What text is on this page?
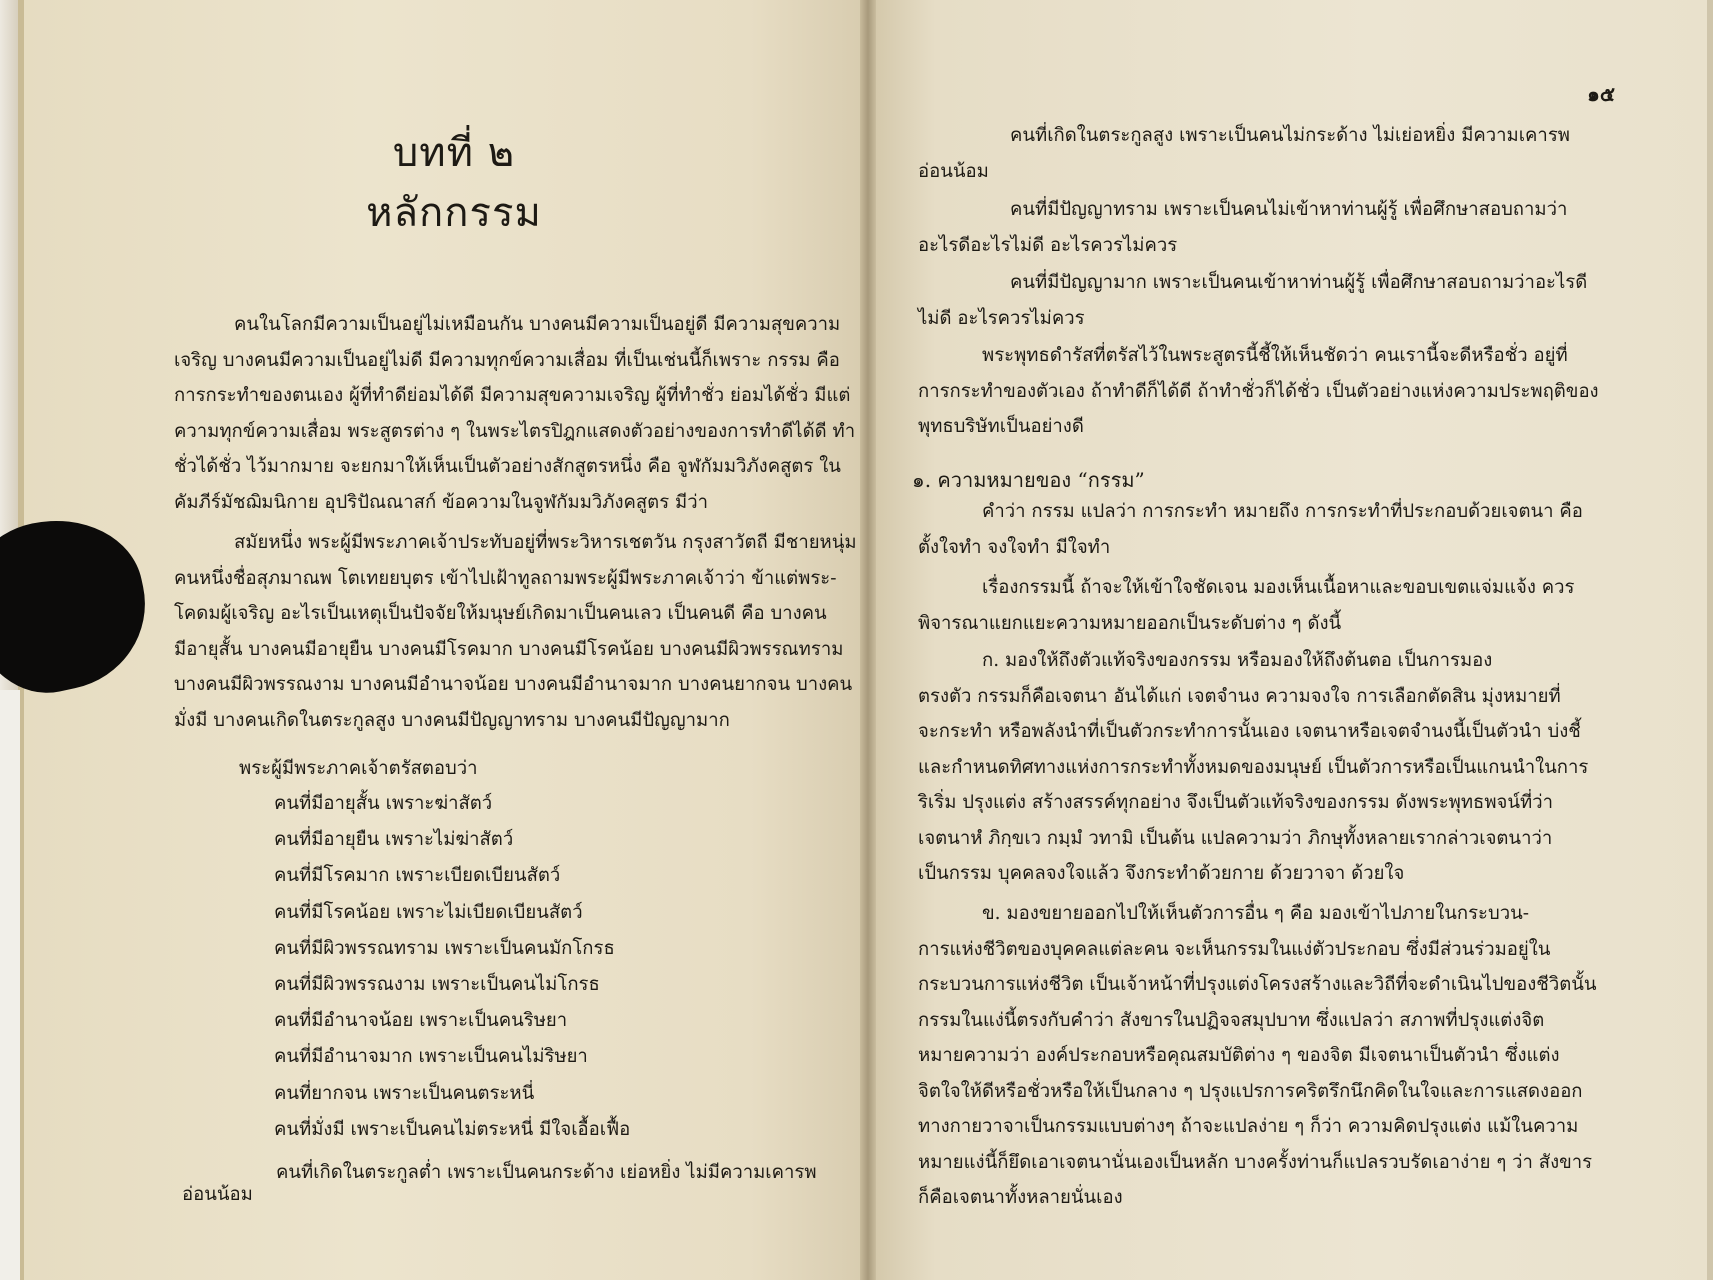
บทที่ ๒
หลักกรรม
คนในโลกมีความเป็นอยู่ไม่เหมือนกัน บางคนมีความเป็นอยู่ดี มีความสุขความ
เจริญ บางคนมีความเป็นอยู่ไม่ดี มีความทุกข์ความเสื่อม ที่เป็นเช่นนี้ก็เพราะ กรรม คือ
การกระทำของตนเอง ผู้ที่ทำดีย่อมได้ดี มีความสุขความเจริญ ผู้ที่ทำชั่ว ย่อมได้ชั่ว มีแต่
ความทุกข์ความเสื่อม พระสูตรต่าง ๆ ในพระไตรปิฎกแสดงตัวอย่างของการทำดีได้ดี ทำ
ชั่วได้ชั่ว ไว้มากมาย จะยกมาให้เห็นเป็นตัวอย่างสักสูตรหนึ่ง คือ จูฬกัมมวิภังคสูตร ใน
คัมภีร์มัชฌิมนิกาย อุปริปัณณาสก์ ข้อความในจูฬกัมมวิภังคสูตร มีว่า
สมัยหนึ่ง พระผู้มีพระภาคเจ้าประทับอยู่ที่พระวิหารเชตวัน กรุงสาวัตถี มีชายหนุ่ม
คนหนึ่งชื่อสุภมาณพ โตเทยยบุตร เข้าไปเฝ้าทูลถามพระผู้มีพระภาคเจ้าว่า ข้าแต่พระ-
โคดมผู้เจริญ อะไรเป็นเหตุเป็นปัจจัยให้มนุษย์เกิดมาเป็นคนเลว เป็นคนดี คือ บางคน
มีอายุสั้น บางคนมีอายุยืน บางคนมีโรคมาก บางคนมีโรคน้อย บางคนมีผิวพรรณทราม
บางคนมีผิวพรรณงาม บางคนมีอำนาจน้อย บางคนมีอำนาจมาก บางคนยากจน บางคน
มั่งมี บางคนเกิดในตระกูลสูง บางคนมีปัญญาทราม บางคนมีปัญญามาก
พระผู้มีพระภาคเจ้าตรัสตอบว่า
คนที่มีอายุสั้น เพราะฆ่าสัตว์
คนที่มีอายุยืน เพราะไม่ฆ่าสัตว์
คนที่มีโรคมาก เพราะเบียดเบียนสัตว์
คนที่มีโรคน้อย เพราะไม่เบียดเบียนสัตว์
คนที่มีผิวพรรณทราม เพราะเป็นคนมักโกรธ
คนที่มีผิวพรรณงาม เพราะเป็นคนไม่โกรธ
คนที่มีอำนาจน้อย เพราะเป็นคนริษยา
คนที่มีอำนาจมาก เพราะเป็นคนไม่ริษยา
คนที่ยากจน เพราะเป็นคนตระหนี่
คนที่มั่งมี เพราะเป็นคนไม่ตระหนี่ มีใจเอื้อเฟื้อ
คนที่เกิดในตระกูลต่ำ เพราะเป็นคนกระด้าง เย่อหยิ่ง ไม่มีความเคารพ
อ่อนน้อม
๑๕
คนที่เกิดในตระกูลสูง เพราะเป็นคนไม่กระด้าง ไม่เย่อหยิ่ง มีความเคารพ
อ่อนน้อม
คนที่มีปัญญาทราม เพราะเป็นคนไม่เข้าหาท่านผู้รู้ เพื่อศึกษาสอบถามว่า
อะไรดีอะไรไม่ดี อะไรควรไม่ควร
คนที่มีปัญญามาก เพราะเป็นคนเข้าหาท่านผู้รู้ เพื่อศึกษาสอบถามว่าอะไรดี
ไม่ดี อะไรควรไม่ควร
พระพุทธดำรัสที่ตรัสไว้ในพระสูตรนี้ชี้ให้เห็นชัดว่า คนเรานี้จะดีหรือชั่ว อยู่ที่
การกระทำของตัวเอง ถ้าทำดีก็ได้ดี ถ้าทำชั่วก็ได้ชั่ว เป็นตัวอย่างแห่งความประพฤติของ
พุทธบริษัทเป็นอย่างดี
๑. ความหมายของ “กรรม”
คำว่า กรรม แปลว่า การกระทำ หมายถึง การกระทำที่ประกอบด้วยเจตนา คือ
ตั้งใจทำ จงใจทำ มีใจทำ
เรื่องกรรมนี้ ถ้าจะให้เข้าใจชัดเจน มองเห็นเนื้อหาและขอบเขตแจ่มแจ้ง ควร
พิจารณาแยกแยะความหมายออกเป็นระดับต่าง ๆ ดังนี้
ก. มองให้ถึงตัวแท้จริงของกรรม หรือมองให้ถึงต้นตอ เป็นการมอง
ตรงตัว กรรมก็คือเจตนา อันได้แก่ เจตจำนง ความจงใจ การเลือกตัดสิน มุ่งหมายที่
จะกระทำ หรือพลังนำที่เป็นตัวกระทำการนั้นเอง เจตนาหรือเจตจำนงนี้เป็นตัวนำ บ่งชี้
และกำหนดทิศทางแห่งการกระทำทั้งหมดของมนุษย์ เป็นตัวการหรือเป็นแกนนำในการ
ริเริ่ม ปรุงแต่ง สร้างสรรค์ทุกอย่าง จึงเป็นตัวแท้จริงของกรรม ดังพระพุทธพจน์ที่ว่า
เจตนาหํ ภิกฺขเว กมฺมํ วทามิ เป็นต้น แปลความว่า ภิกษุทั้งหลายเรากล่าวเจตนาว่า
เป็นกรรม บุคคลจงใจแล้ว จึงกระทำด้วยกาย ด้วยวาจา ด้วยใจ
ข. มองขยายออกไปให้เห็นตัวการอื่น ๆ คือ มองเข้าไปภายในกระบวน-
การแห่งชีวิตของบุคคลแต่ละคน จะเห็นกรรมในแง่ตัวประกอบ ซึ่งมีส่วนร่วมอยู่ใน
กระบวนการแห่งชีวิต เป็นเจ้าหน้าที่ปรุงแต่งโครงสร้างและวิถีที่จะดำเนินไปของชีวิตนั้น
กรรมในแง่นี้ตรงกับคำว่า สังขารในปฏิจจสมุปบาท ซึ่งแปลว่า สภาพที่ปรุงแต่งจิต
หมายความว่า องค์ประกอบหรือคุณสมบัติต่าง ๆ ของจิต มีเจตนาเป็นตัวนำ ซึ่งแต่ง
จิตใจให้ดีหรือชั่วหรือให้เป็นกลาง ๆ ปรุงแปรการคริตรึกนึกคิดในใจและการแสดงออก
ทางกายวาจาเป็นกรรมแบบต่างๆ ถ้าจะแปลง่าย ๆ ก็ว่า ความคิดปรุงแต่ง แม้ในความ
หมายแง่นี้ก็ยึดเอาเจตนานั่นเองเป็นหลัก บางครั้งท่านก็แปลรวบรัดเอาง่าย ๆ ว่า สังขาร
ก็คือเจตนาทั้งหลายนั่นเอง
